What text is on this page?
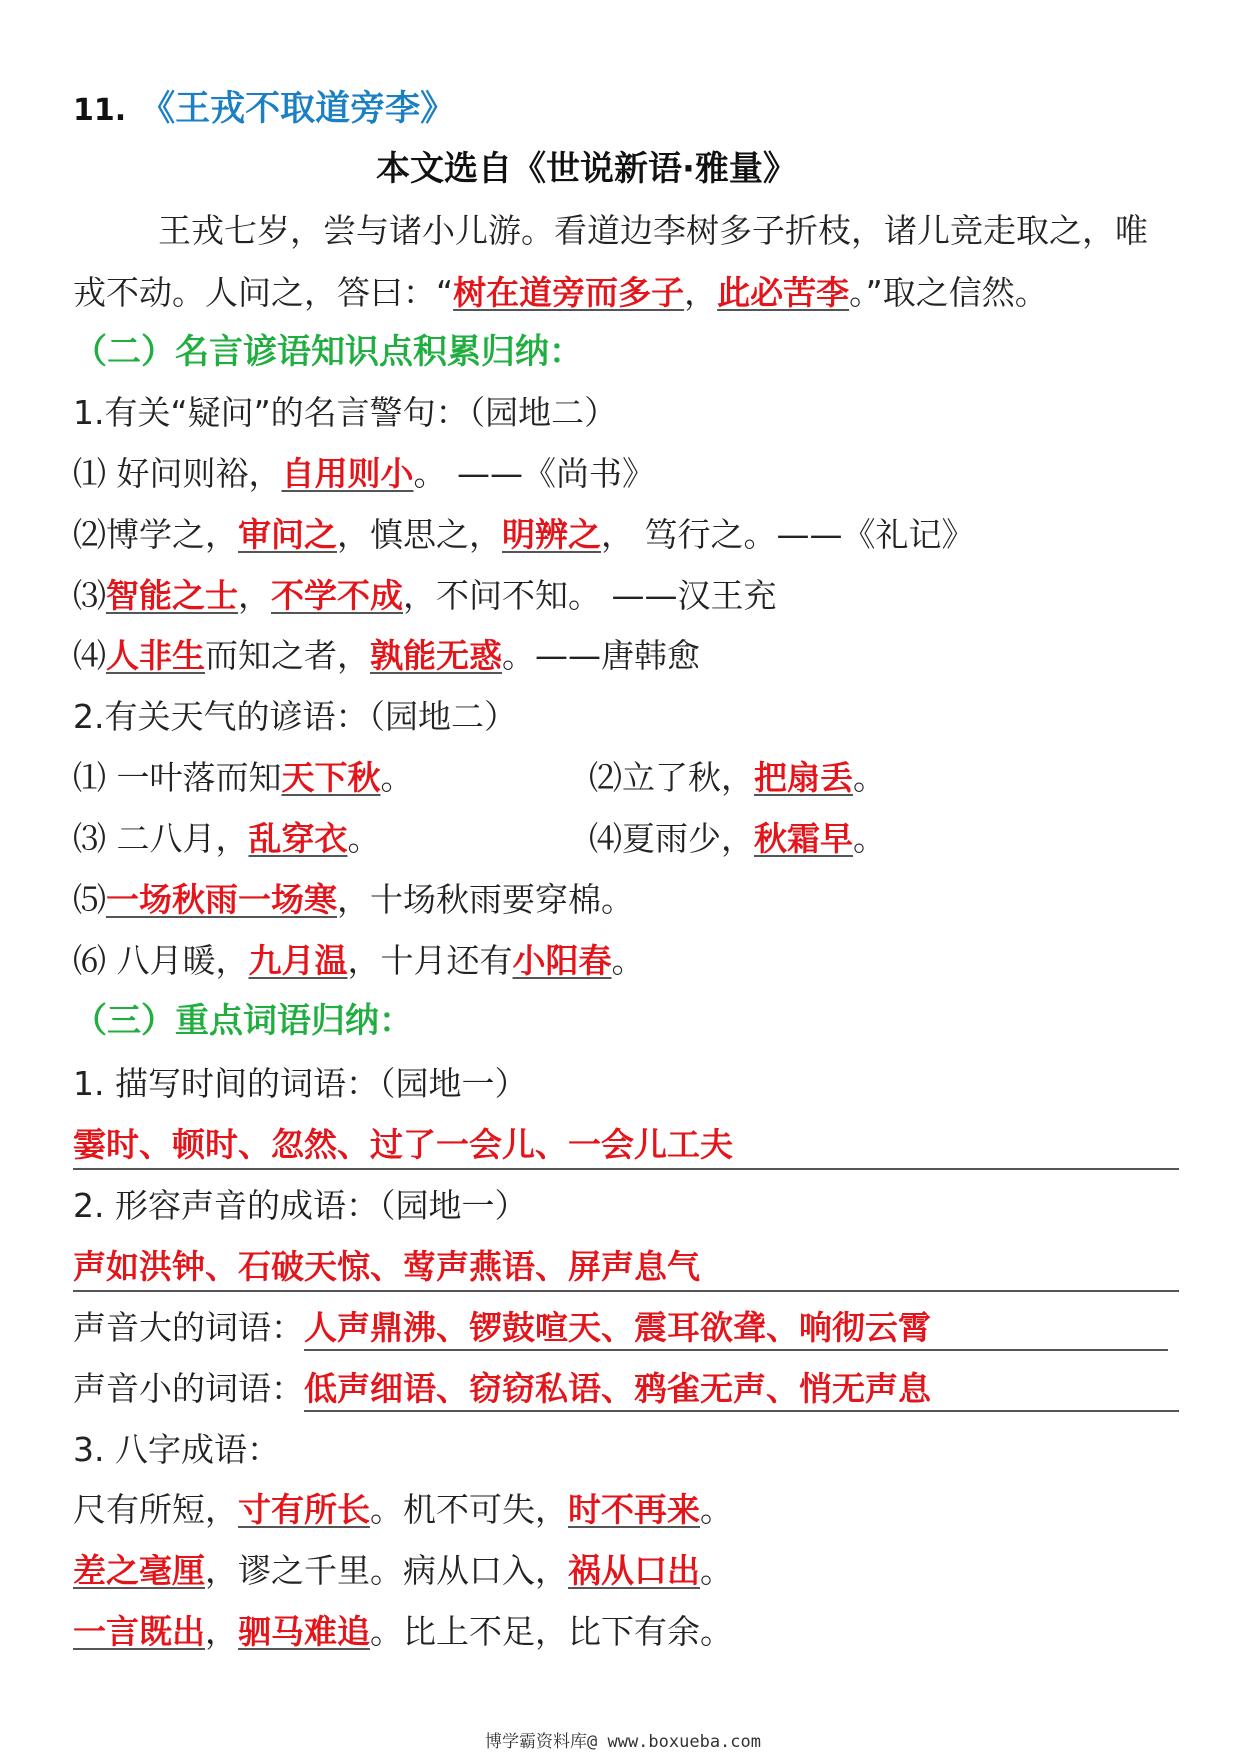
11. 《王戎不取道旁李》
本文选自《世说新语·雅量》
王戎七岁，尝与诸小儿游。看道边李树多子折枝，诸儿竞走取之，唯
戎不动。人问之，答曰：“树在道旁而多子，此必苦李。”取之信然。
（二）名言谚语知识点积累归纳：
1.有关“疑问”的名言警句：（园地二）
⑴ 好问则裕，自用则小。 ——《尚书》
⑵博学之，审问之，慎思之，明辨之， 笃行之。——《礼记》
⑶智能之士，不学不成，不问不知。 ——汉王充
⑷人非生而知之者，孰能无惑。——唐韩愈
2.有关天气的谚语：（园地二）
⑴ 一叶落而知天下秋。	⑵立了秋，把扇丢。
⑶ 二八月，乱穿衣。	⑷夏雨少，秋霜早。
⑸一场秋雨一场寒，十场秋雨要穿棉。
⑹ 八月暖，九月温，十月还有小阳春。
（三）重点词语归纳：
1. 描写时间的词语：（园地一）
霎时、顿时、忽然、过了一会儿、一会儿工夫
2. 形容声音的成语：（园地一）
声如洪钟、石破天惊、莺声燕语、屏声息气
声音大的词语： 人声鼎沸、锣鼓喧天、震耳欲聋、响彻云霄
声音小的词语： 低声细语、窃窃私语、鸦雀无声、悄无声息
3. 八字成语：
尺有所短，寸有所长。机不可失，时不再来。
差之毫厘，谬之千里。病从口入，祸从口出。
一言既出，驷马难追。比上不足，比下有余。
博学霸资料库@ www.boxueba.com
